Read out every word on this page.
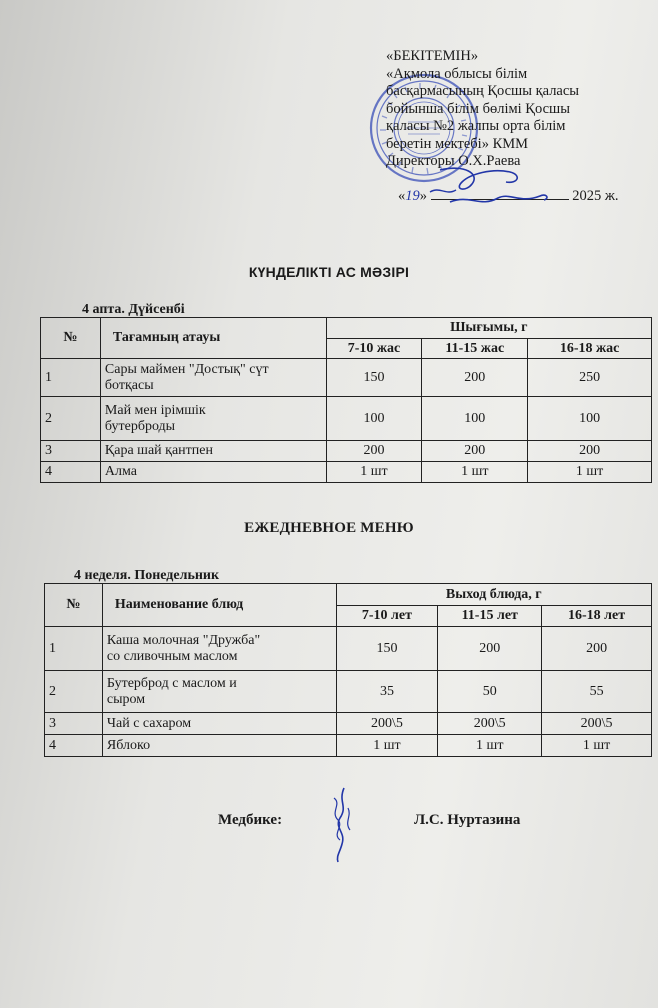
«БЕКІТЕМІН»
«Ақмола облысы білім
басқармасының Қосшы қаласы
бойынша білім бөлімі Қосшы
қаласы №2 жалпы орта білім
беретін мектебі» КММ
Директоры О.Х.Раева
«19»	2025 ж.
КҮНДЕЛІКТІ АС МӘЗІРІ
4 апта. Дүйсенбі
№	Тағамның атауы	Шығымы, г		
		7-10 жас	11-15 жас	16-18 жас
1	Сары маймен "Достық" сүт
ботқасы	150	200	250
2	Май мен ірімшік
бутерброды	100	100	100
3	Қара шай қантпен	200	200	200
4	Алма	1 шт	1 шт	1 шт
ЕЖЕДНЕВНОЕ МЕНЮ
4 неделя. Понедельник
№	Наименование блюд	Выход блюда, г		
		7-10 лет	11-15 лет	16-18 лет
1	Каша молочная "Дружба"
со сливочным маслом	150	200	200
2	Бутерброд с маслом и
сыром	35	50	55
3	Чай с сахаром	200\5	200\5	200\5
4	Яблоко	1 шт	1 шт	1 шт
Медбике:	Л.С. Нуртазина
